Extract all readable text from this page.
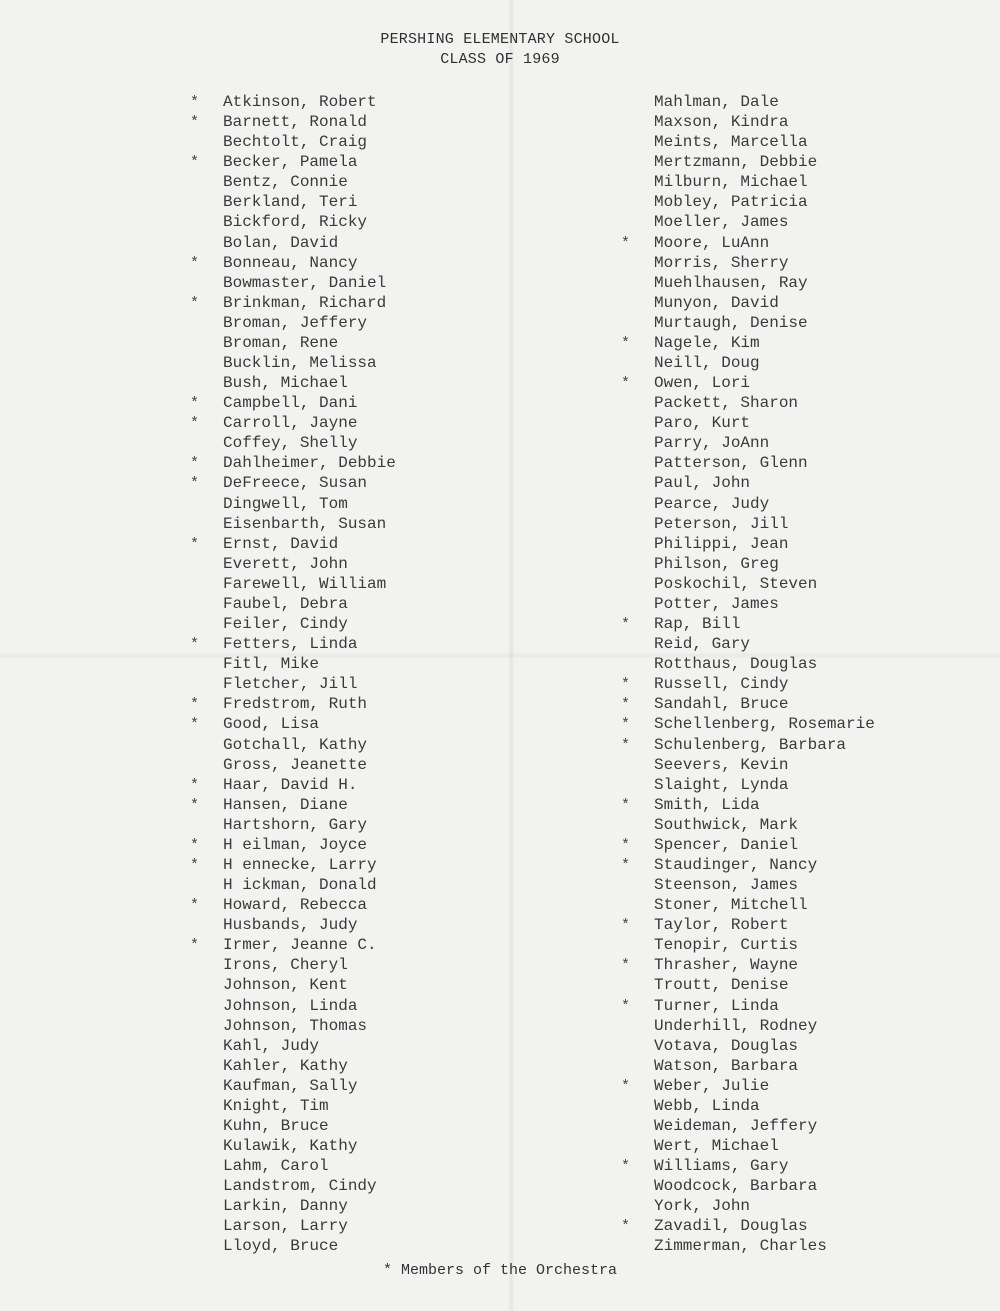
PERSHING ELEMENTARY SCHOOL
CLASS OF 1969
* Atkinson, Robert
* Barnett, Ronald
Bechtolt, Craig
* Becker, Pamela
Bentz, Connie
Berkland, Teri
Bickford, Ricky
Bolan, David
* Bonneau, Nancy
Bowmaster, Daniel
* Brinkman, Richard
Broman, Jeffery
Broman, Rene
Bucklin, Melissa
Bush, Michael
* Campbell, Dani
* Carroll, Jayne
Coffey, Shelly
* Dahlheimer, Debbie
* DeFreece, Susan
Dingwell, Tom
Eisenbarth, Susan
* Ernst, David
Everett, John
Farewell, William
Faubel, Debra
Feiler, Cindy
* Fetters, Linda
Fitl, Mike
Fletcher, Jill
* Fredstrom, Ruth
* Good, Lisa
Gotchall, Kathy
Gross, Jeanette
* Haar, David H.
* Hansen, Diane
Hartshorn, Gary
* H eilman, Joyce
* H ennecke, Larry
H ickman, Donald
* Howard, Rebecca
Husbands, Judy
* Irmer, Jeanne C.
Irons, Cheryl
Johnson, Kent
Johnson, Linda
Johnson, Thomas
Kahl, Judy
Kahler, Kathy
Kaufman, Sally
Knight, Tim
Kuhn, Bruce
Kulawik, Kathy
Lahm, Carol
Landstrom, Cindy
Larkin, Danny
Larson, Larry
Lloyd, Bruce
Mahlman, Dale
Maxson, Kindra
Meints, Marcella
Mertzmann, Debbie
Milburn, Michael
Mobley, Patricia
Moeller, James
* Moore, LuAnn
Morris, Sherry
Muehlhausen, Ray
Munyon, David
Murtaugh, Denise
* Nagele, Kim
Neill, Doug
* Owen, Lori
Packett, Sharon
Paro, Kurt
Parry, JoAnn
Patterson, Glenn
Paul, John
Pearce, Judy
Peterson, Jill
Philippi, Jean
Philson, Greg
Poskochil, Steven
Potter, James
* Rap, Bill
Reid, Gary
Rotthaus, Douglas
* Russell, Cindy
* Sandahl, Bruce
* Schellenberg, Rosemarie
* Schulenberg, Barbara
Seevers, Kevin
Slaight, Lynda
* Smith, Lida
Southwick, Mark
* Spencer, Daniel
* Staudinger, Nancy
Steenson, James
Stoner, Mitchell
* Taylor, Robert
Tenopir, Curtis
* Thrasher, Wayne
Troutt, Denise
* Turner, Linda
Underhill, Rodney
Votava, Douglas
Watson, Barbara
* Weber, Julie
Webb, Linda
Weideman, Jeffery
Wert, Michael
* Williams, Gary
Woodcock, Barbara
York, John
* Zavadil, Douglas
Zimmerman, Charles
* Members of the Orchestra
